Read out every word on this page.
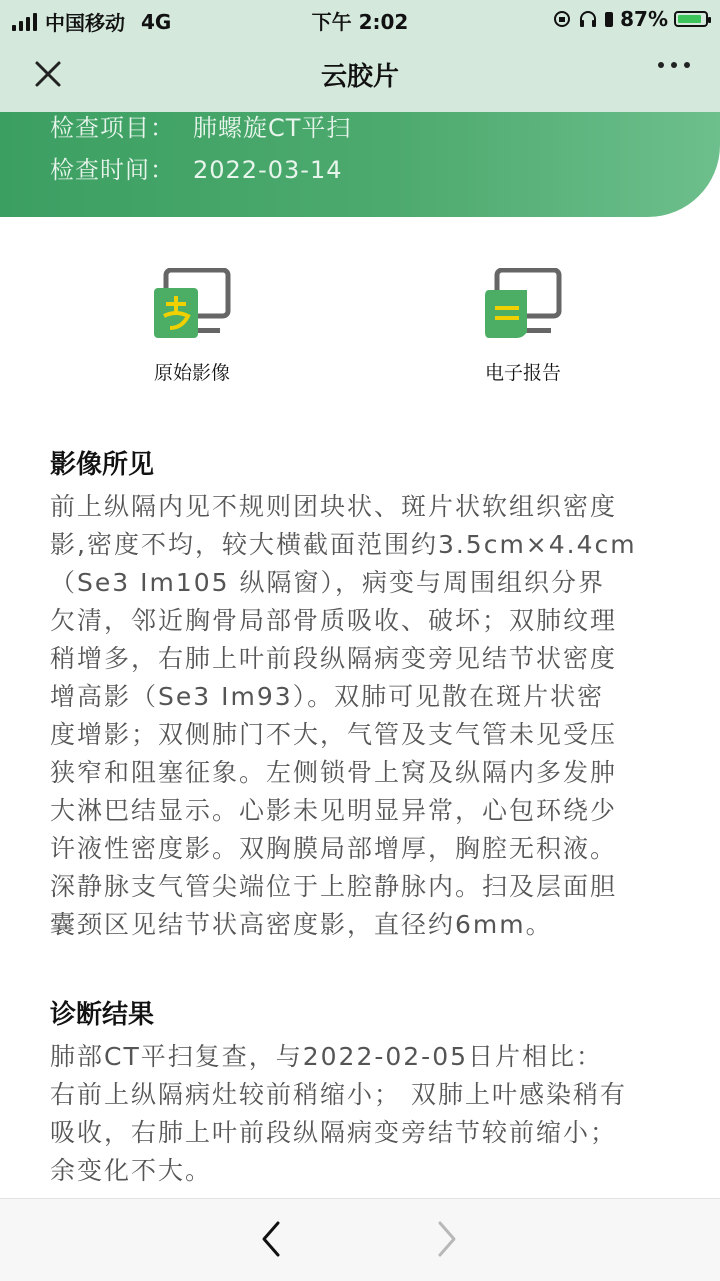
中国移动 4G	下午 2:02	87%
云胶片
检查项目： 肺螺旋CT平扫
检查时间： 2022-03-14
原始影像	电子报告
影像所见
前上纵隔内见不规则团块状、斑片状软组织密度
影,密度不均，较大横截面范围约3.5cm×4.4cm
（Se3 Im105 纵隔窗），病变与周围组织分界
欠清，邻近胸骨局部骨质吸收、破坏；双肺纹理
稍增多，右肺上叶前段纵隔病变旁见结节状密度
增高影（Se3 Im93）。双肺可见散在斑片状密
度增影；双侧肺门不大，气管及支气管未见受压
狭窄和阻塞征象。左侧锁骨上窝及纵隔内多发肿
大淋巴结显示。心影未见明显异常，心包环绕少
许液性密度影。双胸膜局部增厚，胸腔无积液。
深静脉支气管尖端位于上腔静脉内。扫及层面胆
囊颈区见结节状高密度影，直径约6mm。
诊断结果
肺部CT平扫复查，与2022-02-05日片相比：
右前上纵隔病灶较前稍缩小； 双肺上叶感染稍有
吸收，右肺上叶前段纵隔病变旁结节较前缩小；
余变化不大。
